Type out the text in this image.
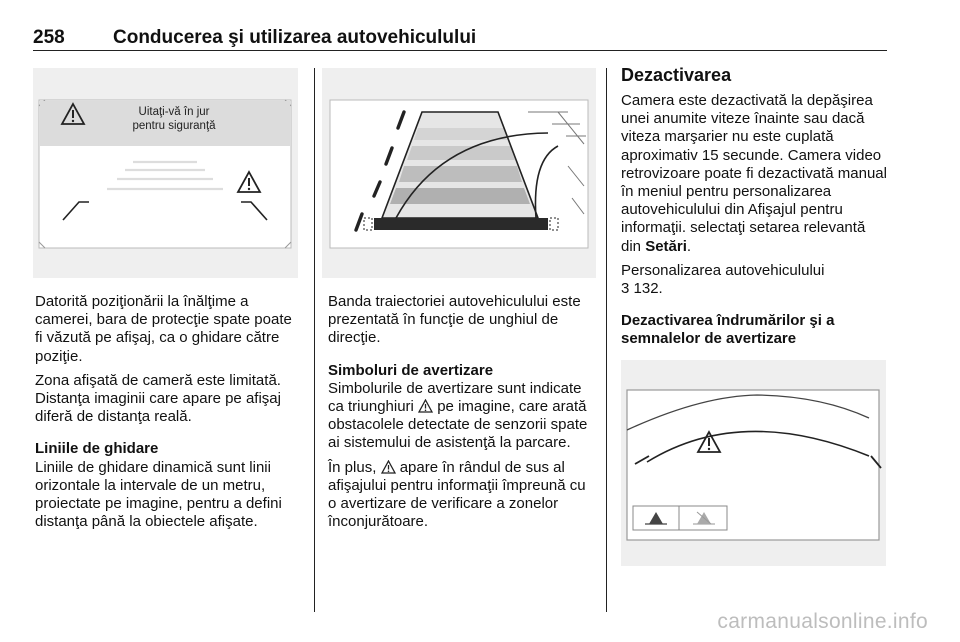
258	Conducerea şi utilizarea autovehiculului
Uitaţi-vă în jur
pentru siguranţă

Datorită poziţionării la înălţime a camerei, bara de protecţie spate poate fi văzută pe afişaj, ca o ghidare către poziţie.

Zona afişată de cameră este limitată. Distanţa imaginii care apare pe afişaj diferă de distanţa reală.

Liniile de ghidare

Liniile de ghidare dinamică sunt linii orizontale la intervale de un metru, proiectate pe imagine, pentru a defini distanţa până la obiectele afişate.

Banda traiectoriei autovehiculului este prezentată în funcţie de unghiul de direcţie.

Simboluri de avertizare

Simbolurile de avertizare sunt indicate ca triunghiuri  pe imagine, care arată obstacolele detectate de senzorii spate ai sistemului de asistenţă la parcare.

În plus,  apare în rândul de sus al afişajului pentru informaţii împreună cu o avertizare de verificare a zonelor înconjurătoare.

Dezactivarea

Camera este dezactivată la depăşirea unei anumite viteze înainte sau dacă viteza marşarier nu este cuplată aproximativ 15 secunde. Camera video retrovizoare poate fi dezactivată manual în meniul pentru personalizarea autovehiculului din Afişajul pentru informaţii. selectaţi setarea relevantă din Setări.

Personalizarea autovehiculului
3 132.

Dezactivarea îndrumărilor şi a semnalelor de avertizare

carmanualsonline.info
